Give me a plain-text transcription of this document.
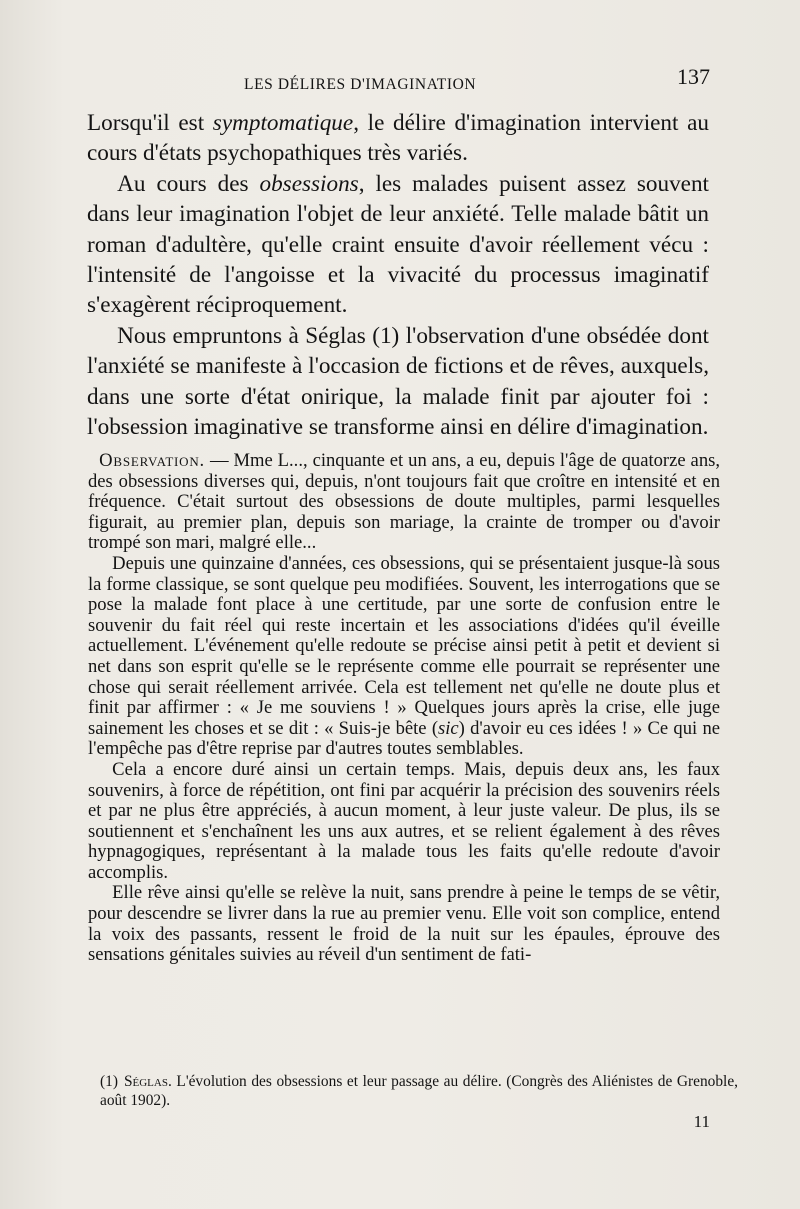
LES DÉLIRES D'IMAGINATION	137

Lorsqu'il est symptomatique, le délire d'imagination intervient au cours d'états psychopathiques très variés.

Au cours des obsessions, les malades puisent assez souvent dans leur imagination l'objet de leur anxiété. Telle malade bâtit un roman d'adultère, qu'elle craint ensuite d'avoir réellement vécu : l'intensité de l'angoisse et la vivacité du processus imaginatif s'exagèrent réciproquement.

Nous empruntons à Séglas (1) l'observation d'une obsédée dont l'anxiété se manifeste à l'occasion de fictions et de rêves, auxquels, dans une sorte d'état onirique, la malade finit par ajouter foi : l'obsession imaginative se transforme ainsi en délire d'imagination.

Observation. — Mme L..., cinquante et un ans, a eu, depuis l'âge de quatorze ans, des obsessions diverses qui, depuis, n'ont toujours fait que croître en intensité et en fréquence. C'était surtout des obsessions de doute multiples, parmi lesquelles figurait, au premier plan, depuis son mariage, la crainte de tromper ou d'avoir trompé son mari, malgré elle...

Depuis une quinzaine d'années, ces obsessions, qui se présentaient jusque-là sous la forme classique, se sont quelque peu modifiées. Souvent, les interrogations que se pose la malade font place à une certitude, par une sorte de confusion entre le souvenir du fait réel qui reste incertain et les associations d'idées qu'il éveille actuellement. L'événement qu'elle redoute se précise ainsi petit à petit et devient si net dans son esprit qu'elle se le représente comme elle pourrait se représenter une chose qui serait réellement arrivée. Cela est tellement net qu'elle ne doute plus et finit par affirmer : « Je me souviens ! » Quelques jours après la crise, elle juge sainement les choses et se dit : « Suis-je bête (sic) d'avoir eu ces idées ! » Ce qui ne l'empêche pas d'être reprise par d'autres toutes semblables.

Cela a encore duré ainsi un certain temps. Mais, depuis deux ans, les faux souvenirs, à force de répétition, ont fini par acquérir la précision des souvenirs réels et par ne plus être appréciés, à aucun moment, à leur juste valeur. De plus, ils se soutiennent et s'enchaînent les uns aux autres, et se relient également à des rêves hypnagogiques, représentant à la malade tous les faits qu'elle redoute d'avoir accomplis.

Elle rêve ainsi qu'elle se relève la nuit, sans prendre à peine le temps de se vêtir, pour descendre se livrer dans la rue au premier venu. Elle voit son complice, entend la voix des passants, ressent le froid de la nuit sur les épaules, éprouve des sensations génitales suivies au réveil d'un sentiment de fati-

(1) Séglas. L'évolution des obsessions et leur passage au délire. (Congrès des Aliénistes de Grenoble, août 1902).
11
